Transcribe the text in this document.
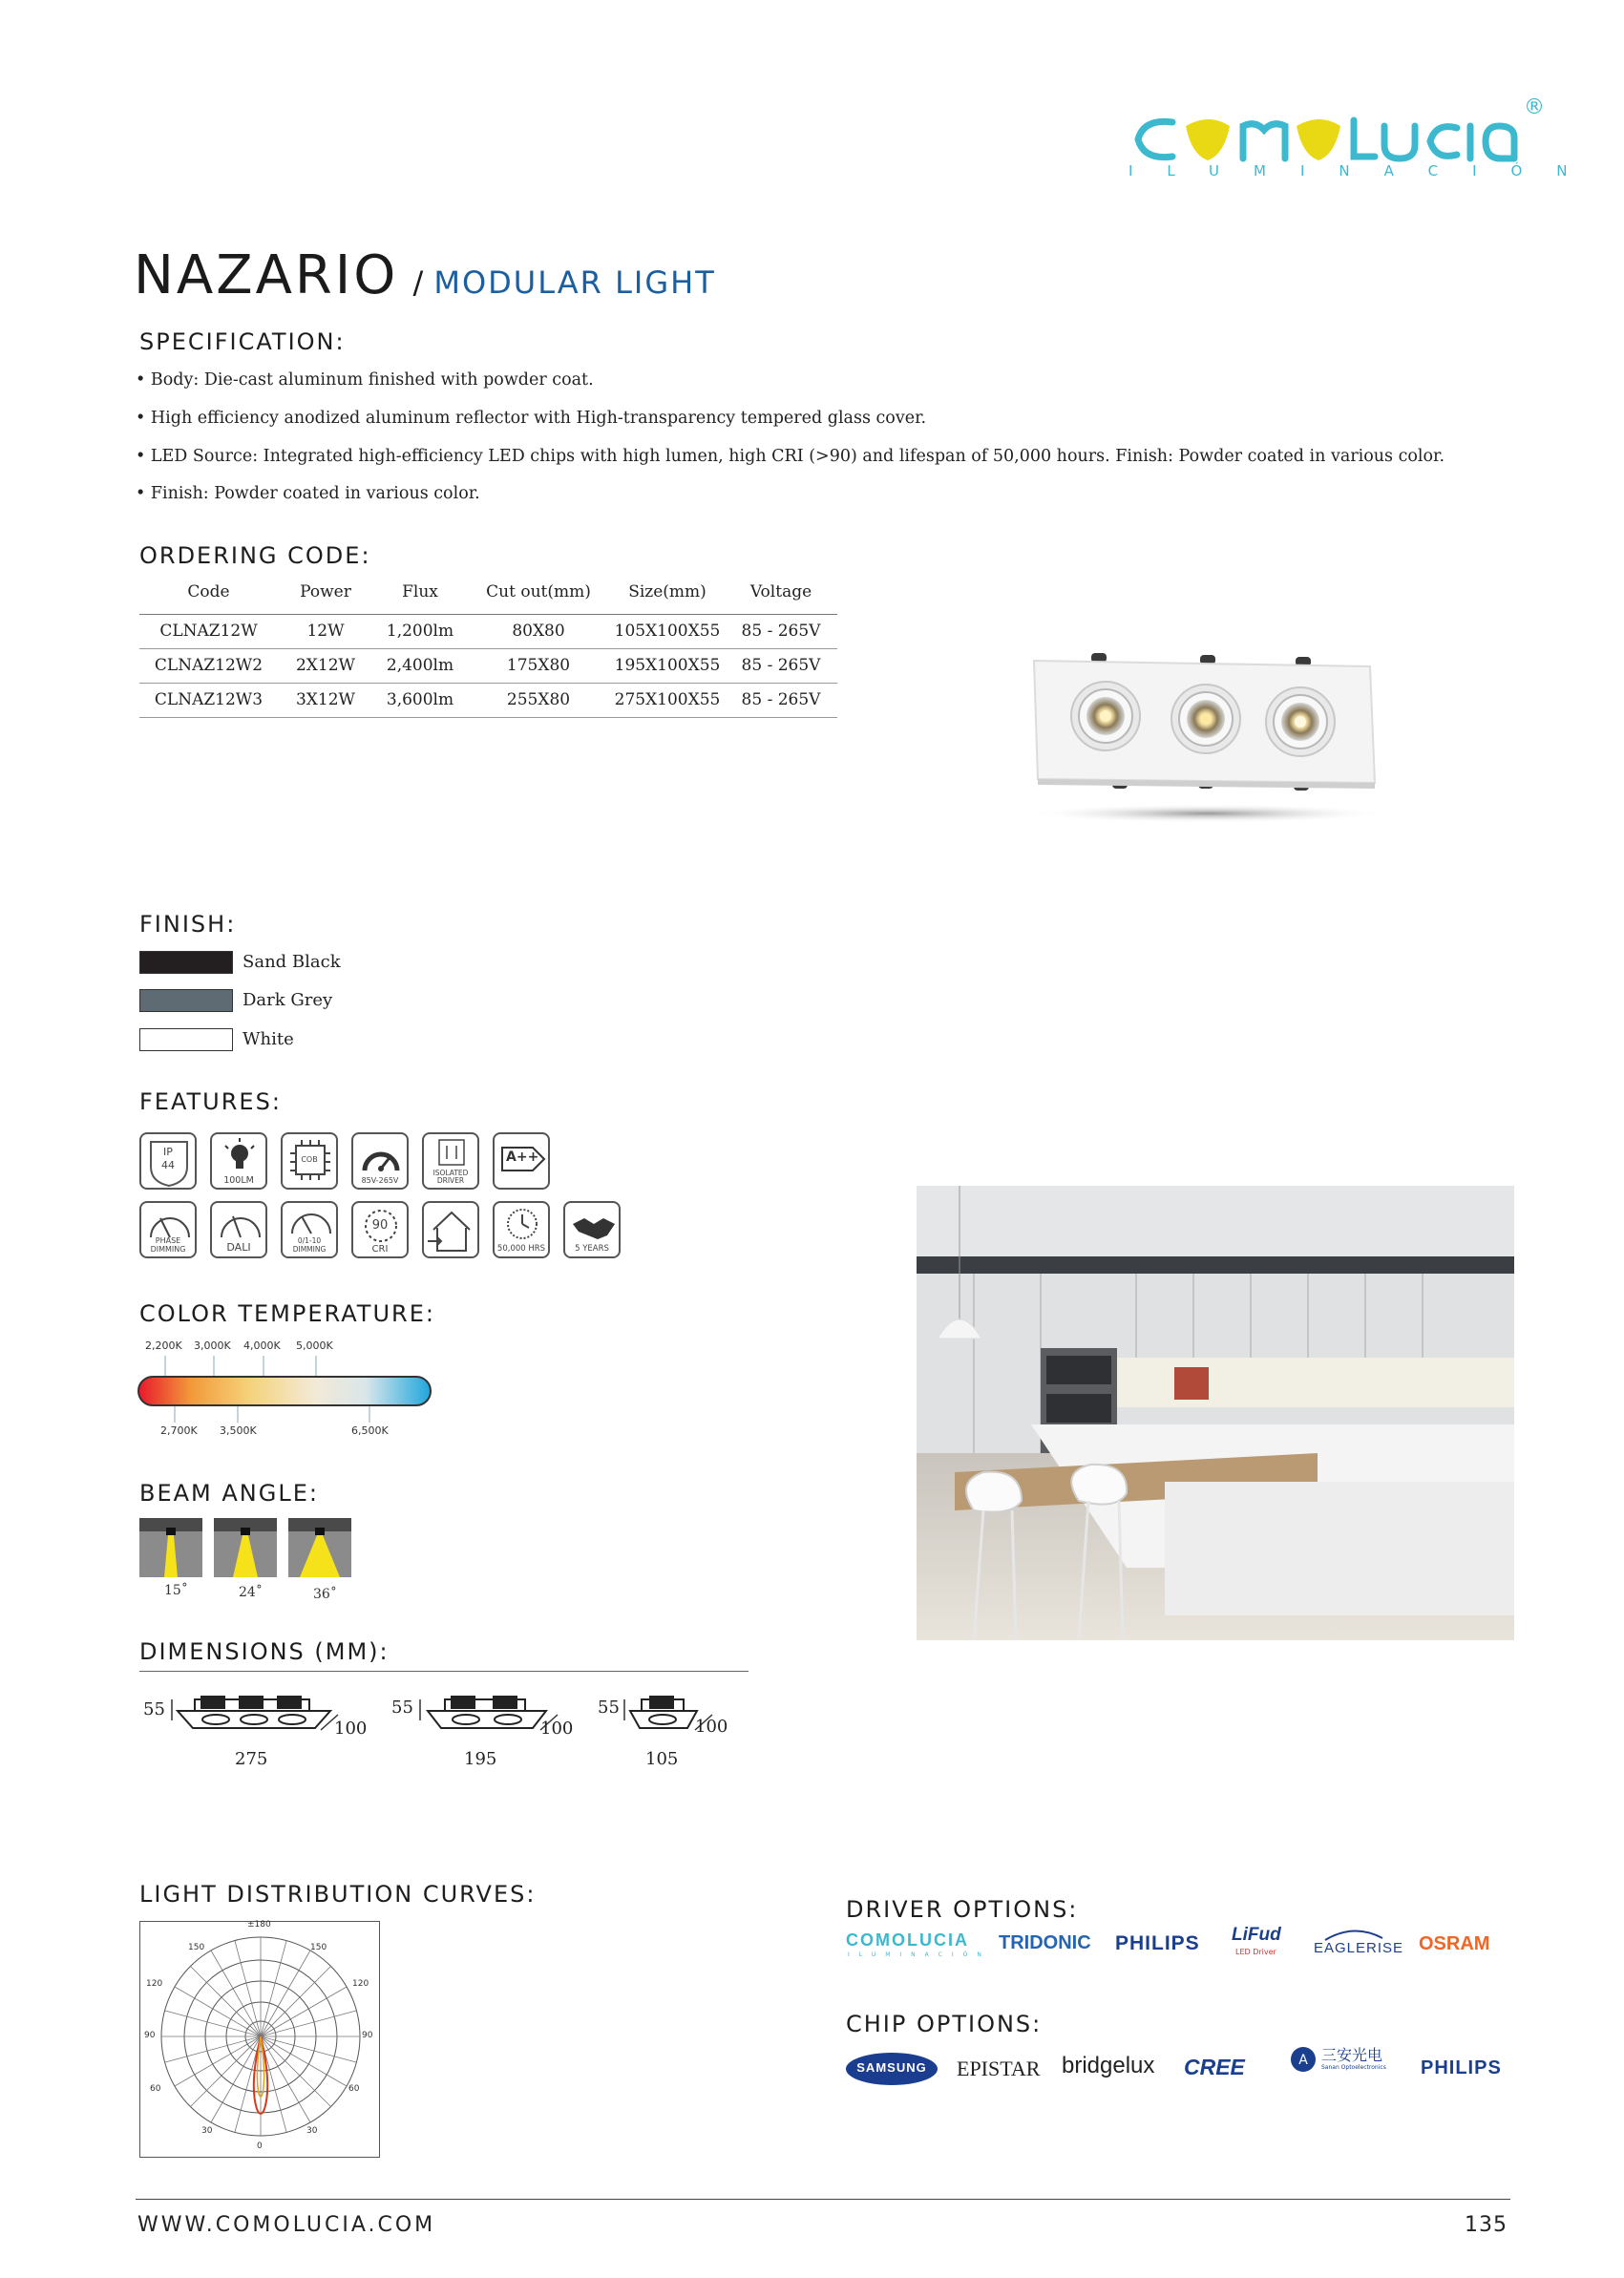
®
ILUMINACIÓN
NAZARIO / MODULAR LIGHT
SPECIFICATION:
• Body: Die-cast aluminum finished with powder coat.
• High efficiency anodized aluminum reflector with High-transparency tempered glass cover.
• LED Source: Integrated high-efficiency LED chips with high lumen, high CRI (>90) and lifespan of 50,000 hours. Finish: Powder coated in various color.
• Finish: Powder coated in various color.
ORDERING CODE:
Code	Power	Flux	Cut out(mm)	Size(mm)	Voltage
CLNAZ12W	12W	1,200lm	80X80	105X100X55	85 - 265V
CLNAZ12W2	2X12W	2,400lm	175X80	195X100X55	85 - 265V
CLNAZ12W3	3X12W	3,600lm	255X80	275X100X55	85 - 265V
FINISH:
Sand Black
Dark Grey
White
FEATURES:
IP
44
100LM
COB
85V-265V
ISOLATED DRIVER
A++
PHASE DIMMING	DALI
0/1-10 DIMMING
90
CRI	50,000 HRS	5 YEARS
COLOR TEMPERATURE:
2,200K 3,000K 4,000K 5,000K
2,700K 3,500K	6,500K
BEAM ANGLE:
15˚	24˚	36˚
DIMENSIONS (MM):
55
100
275
55
100
195
55
100
105
LIGHT DISTRIBUTION CURVES:
±180
150	150
120	120
90	90
60	60
30	30
0
DRIVER OPTIONS:
COMOLUCIA
ILUMINACIÓN
TRIDONIC PHILIPS LiFud
LED Driver	EAGLERISE OSRAM
CHIP OPTIONS:
SAMSUNG	EPISTAR bridgelux CREE	A 三安光电
Sanan Optoelectronics PHILIPS
WWW.COMOLUCIA.COM	135
